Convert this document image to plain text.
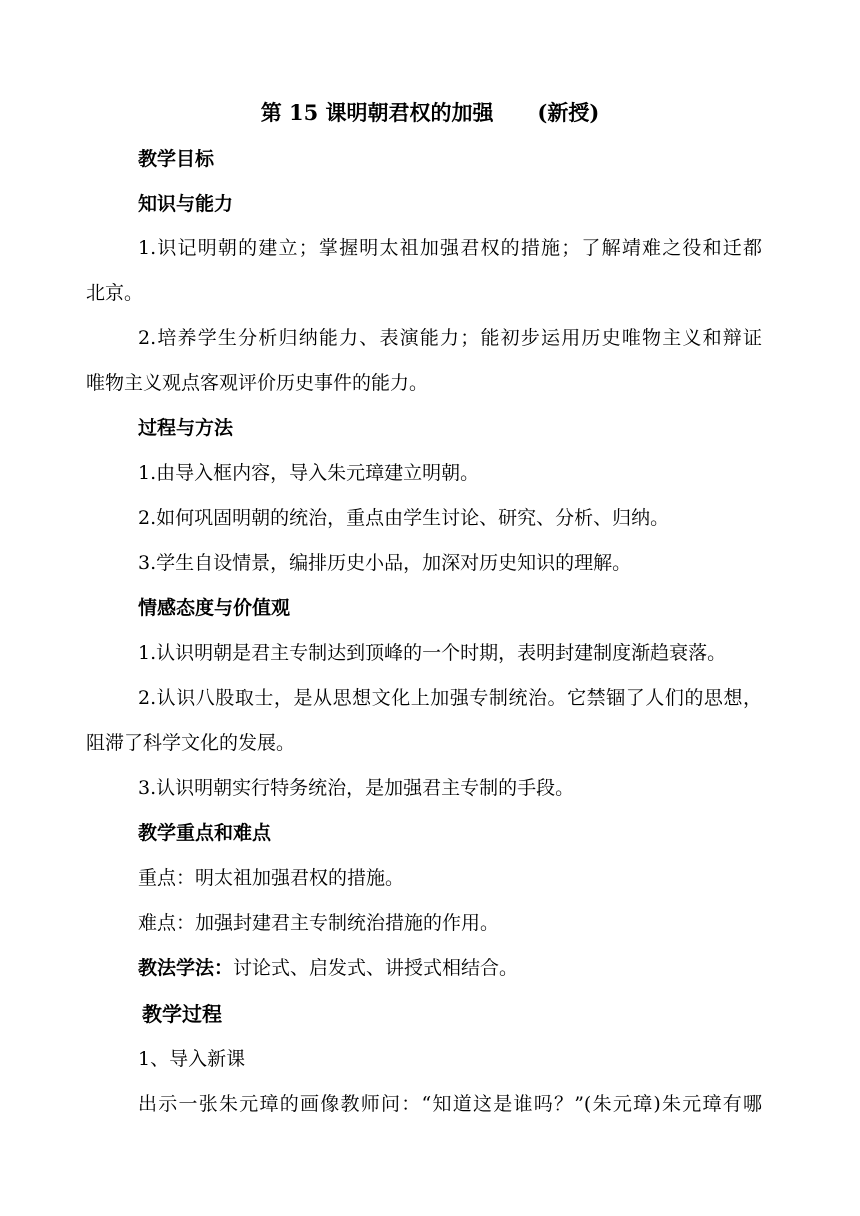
第 15 课明朝君权的加强      (新授)
教学目标
知识与能力
1.识记明朝的建立；掌握明太祖加强君权的措施；了解靖难之役和迁都
北京。
2.培养学生分析归纳能力、表演能力；能初步运用历史唯物主义和辩证
唯物主义观点客观评价历史事件的能力。
过程与方法
1.由导入框内容，导入朱元璋建立明朝。
2.如何巩固明朝的统治，重点由学生讨论、研究、分析、归纳。
3.学生自设情景，编排历史小品，加深对历史知识的理解。
情感态度与价值观
1.认识明朝是君主专制达到顶峰的一个时期，表明封建制度渐趋衰落。
2.认识八股取士，是从思想文化上加强专制统治。它禁锢了人们的思想，
阻滞了科学文化的发展。
3.认识明朝实行特务统治，是加强君主专制的手段。
教学重点和难点
重点：明太祖加强君权的措施。
难点：加强封建君主专制统治措施的作用。
教法学法：讨论式、启发式、讲授式相结合。
教学过程
1、导入新课
出示一张朱元璋的画像教师问：“知道这是谁吗？”(朱元璋)朱元璋有哪
